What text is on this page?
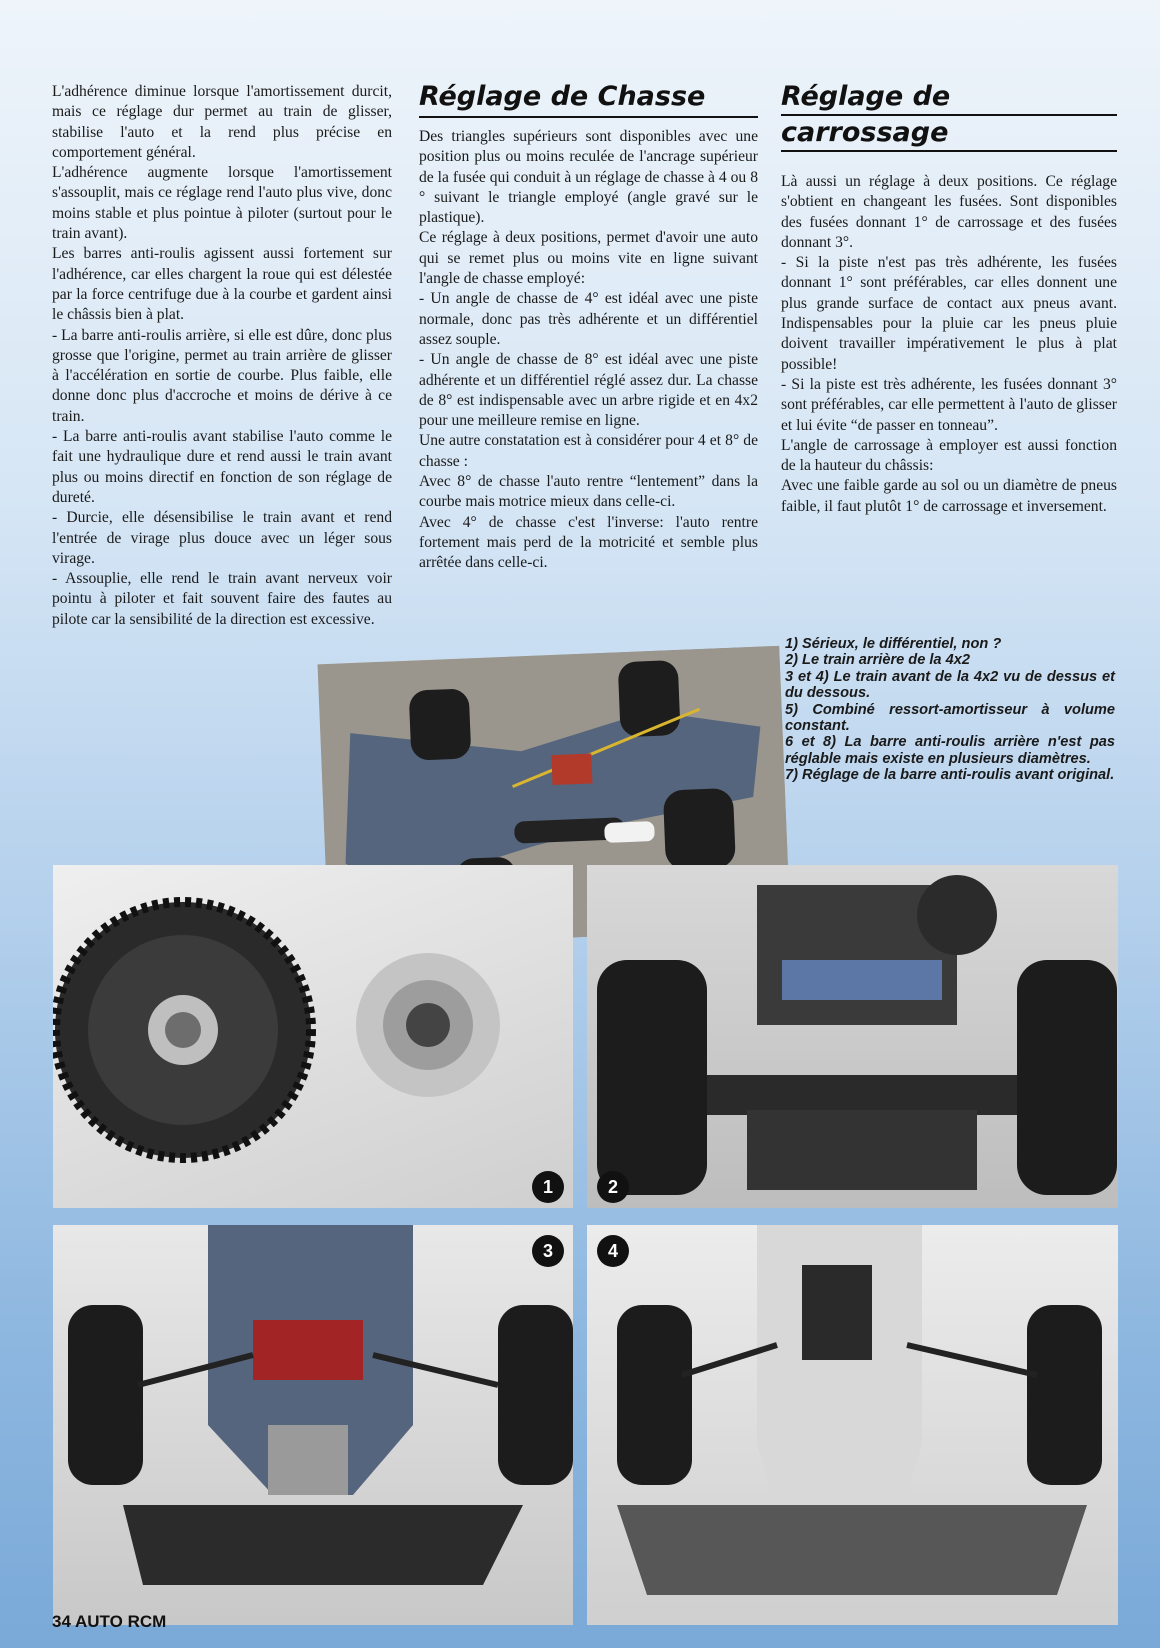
L'adhérence diminue lorsque l'amortissement durcit, mais ce réglage dur permet au train de glisser, stabilise l'auto et la rend plus précise en comportement général.

L'adhérence augmente lorsque l'amortissement s'assouplit, mais ce réglage rend l'auto plus vive, donc moins stable et plus pointue à piloter (surtout pour le train avant).

Les barres anti-roulis agissent aussi fortement sur l'adhérence, car elles chargent la roue qui est délestée par la force centrifuge due à la courbe et gardent ainsi le châssis bien à plat.

- La barre anti-roulis arrière, si elle est dûre, donc plus grosse que l'origine, permet au train arrière de glisser à l'accélération en sortie de courbe. Plus faible, elle donne donc plus d'accroche et moins de dérive à ce train.

- La barre anti-roulis avant stabilise l'auto comme le fait une hydraulique dure et rend aussi le train avant plus ou moins directif en fonction de son réglage de dureté.

- Durcie, elle désensibilise le train avant et rend l'entrée de virage plus douce avec un léger sous virage.

- Assouplie, elle rend le train avant nerveux voir pointu à piloter et fait souvent faire des fautes au pilote car la sensibilité de la direction est excessive.

Réglage de Chasse

Des triangles supérieurs sont disponibles avec une position plus ou moins reculée de l'ancrage supérieur de la fusée qui conduit à un réglage de chasse à 4 ou 8 ° suivant le triangle employé (angle gravé sur le plastique).

Ce réglage à deux positions, permet d'avoir une auto qui se remet plus ou moins vite en ligne suivant l'angle de chasse employé:

- Un angle de chasse de 4° est idéal avec une piste normale, donc pas très adhérente et un différentiel assez souple.

- Un angle de chasse de 8° est idéal avec une piste adhérente et un différentiel réglé assez dur. La chasse de 8° est indispensable avec un arbre rigide et en 4x2 pour une meilleure remise en ligne.

Une autre constatation est à considérer pour 4 et 8° de chasse :

Avec 8° de chasse l'auto rentre “lentement” dans la courbe mais motrice mieux dans celle-ci.

Avec 4° de chasse c'est l'inverse: l'auto rentre fortement mais perd de la motricité et semble plus arrêtée dans celle-ci.

Réglage de
carrossage

Là aussi un réglage à deux positions. Ce réglage s'obtient en changeant les fusées. Sont disponibles des fusées donnant 1° de carrossage et des fusées donnant 3°.

- Si la piste n'est pas très adhérente, les fusées donnant 1° sont préférables, car elles donnent une plus grande surface de contact aux pneus avant. Indispensables pour la pluie car les pneus pluie doivent travailler impérativement le plus à plat possible!

- Si la piste est très adhérente, les fusées donnant 3° sont préférables, car elle permettent à l'auto de glisser et lui évite “de passer en tonneau”.

L'angle de carrossage à employer est aussi fonction de la hauteur du châssis:

Avec une faible garde au sol ou un diamètre de pneus faible, il faut plutôt 1° de carrossage et inversement.

1) Sérieux, le différentiel, non ?

2) Le train arrière de la 4x2

3 et 4) Le train avant de la 4x2 vu de dessus et du dessous.

5) Combiné ressort-amortisseur à volume constant.

6 et 8) La barre anti-roulis arrière n'est pas réglable mais existe en plusieurs diamètres.

7) Réglage de la barre anti-roulis avant original.

1	2
3	4
34 AUTO RCM
